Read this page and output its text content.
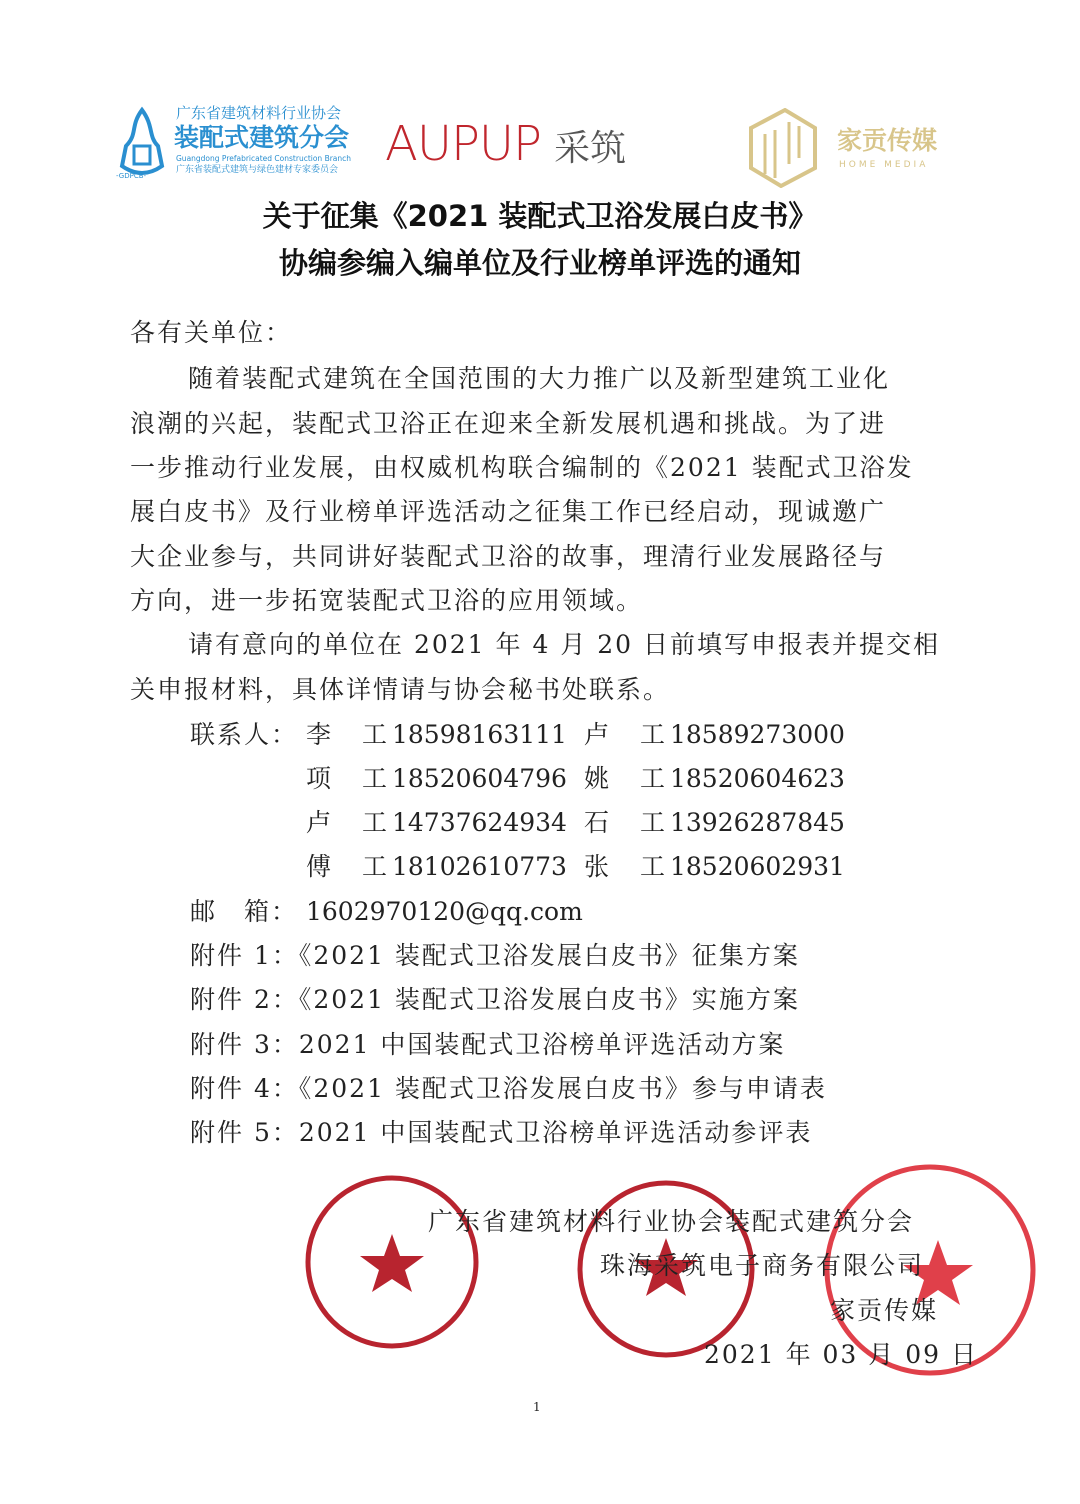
-GDPCB-
广东省建筑材料行业协会
装配式建筑分会
Guangdong Prefabricated Construction Branch
广东省装配式建筑与绿色建材专家委员会 AUPUP 采筑	家贡传媒
HOME MEDIA
关于征集《2021 装配式卫浴发展白皮书》
协编参编入编单位及行业榜单评选的通知
各有关单位：
随着装配式建筑在全国范围的大力推广以及新型建筑工业化
浪潮的兴起，装配式卫浴正在迎来全新发展机遇和挑战。为了进
一步推动行业发展，由权威机构联合编制的《2021 装配式卫浴发
展白皮书》及行业榜单评选活动之征集工作已经启动，现诚邀广
大企业参与，共同讲好装配式卫浴的故事，理清行业发展路径与
方向，进一步拓宽装配式卫浴的应用领域。
请有意向的单位在 2021 年 4 月 20 日前填写申报表并提交相
关申报材料，具体详情请与协会秘书处联系。
联系人： 李 工 18598163111 卢 工 18589273000
项 工 18520604796 姚 工 18520604623
卢 工 14737624934 石 工 13926287845
傅 工 18102610773 张 工 18520602931
邮　箱： 1602970120@qq.com
附件 1：《2021 装配式卫浴发展白皮书》征集方案
附件 2：《2021 装配式卫浴发展白皮书》实施方案
附件 3：2021 中国装配式卫浴榜单评选活动方案
附件 4：《2021 装配式卫浴发展白皮书》参与申请表
附件 5：2021 中国装配式卫浴榜单评选活动参评表
广东省建筑材料行业协会装配式建筑分会
珠海采筑电子商务有限公司
家贡传媒
2021 年 03 月 09 日
1
